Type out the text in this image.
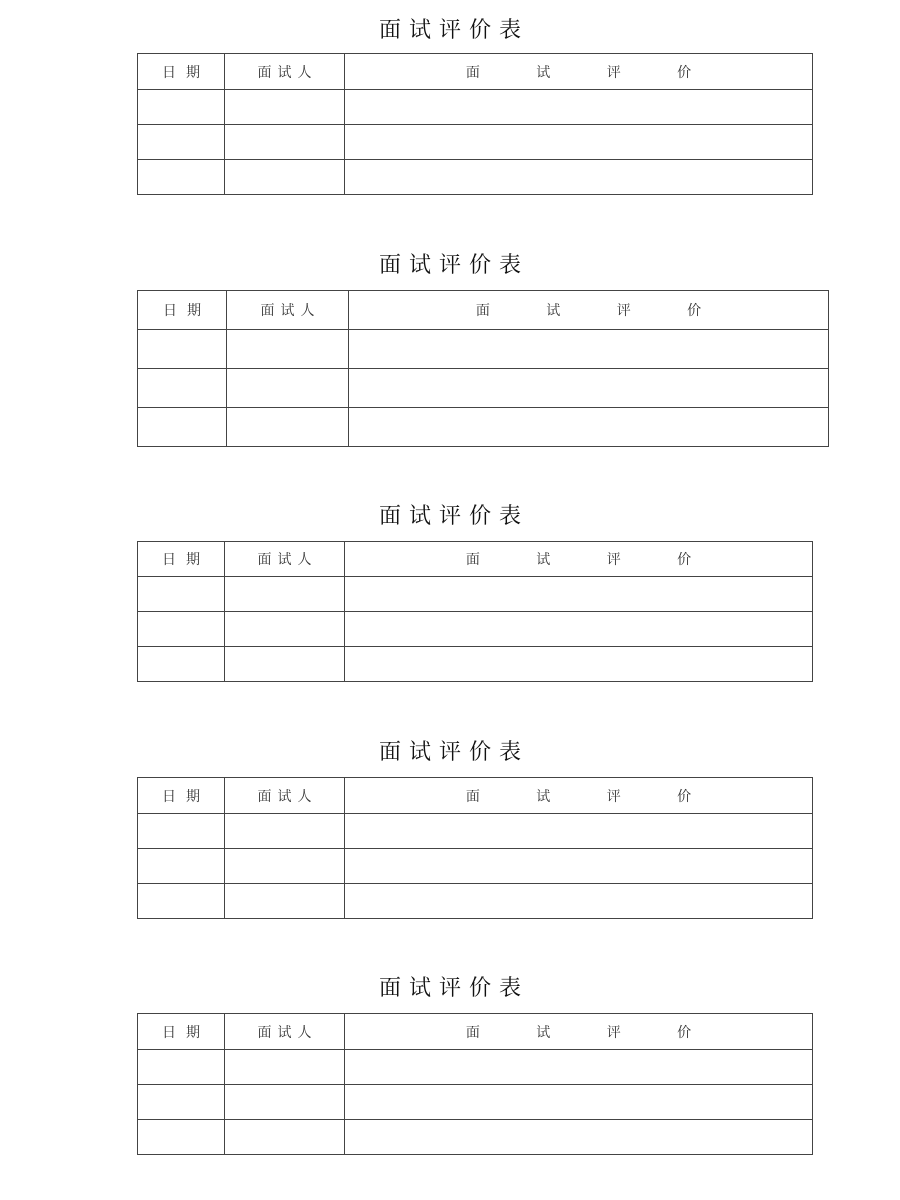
面试评价表
日期	面试人	面 试 评 价

面试评价表
日期	面试人	面 试 评 价

面试评价表
日期	面试人	面 试 评 价

面试评价表
日期	面试人	面 试 评 价

面试评价表
日期	面试人	面 试 评 价
